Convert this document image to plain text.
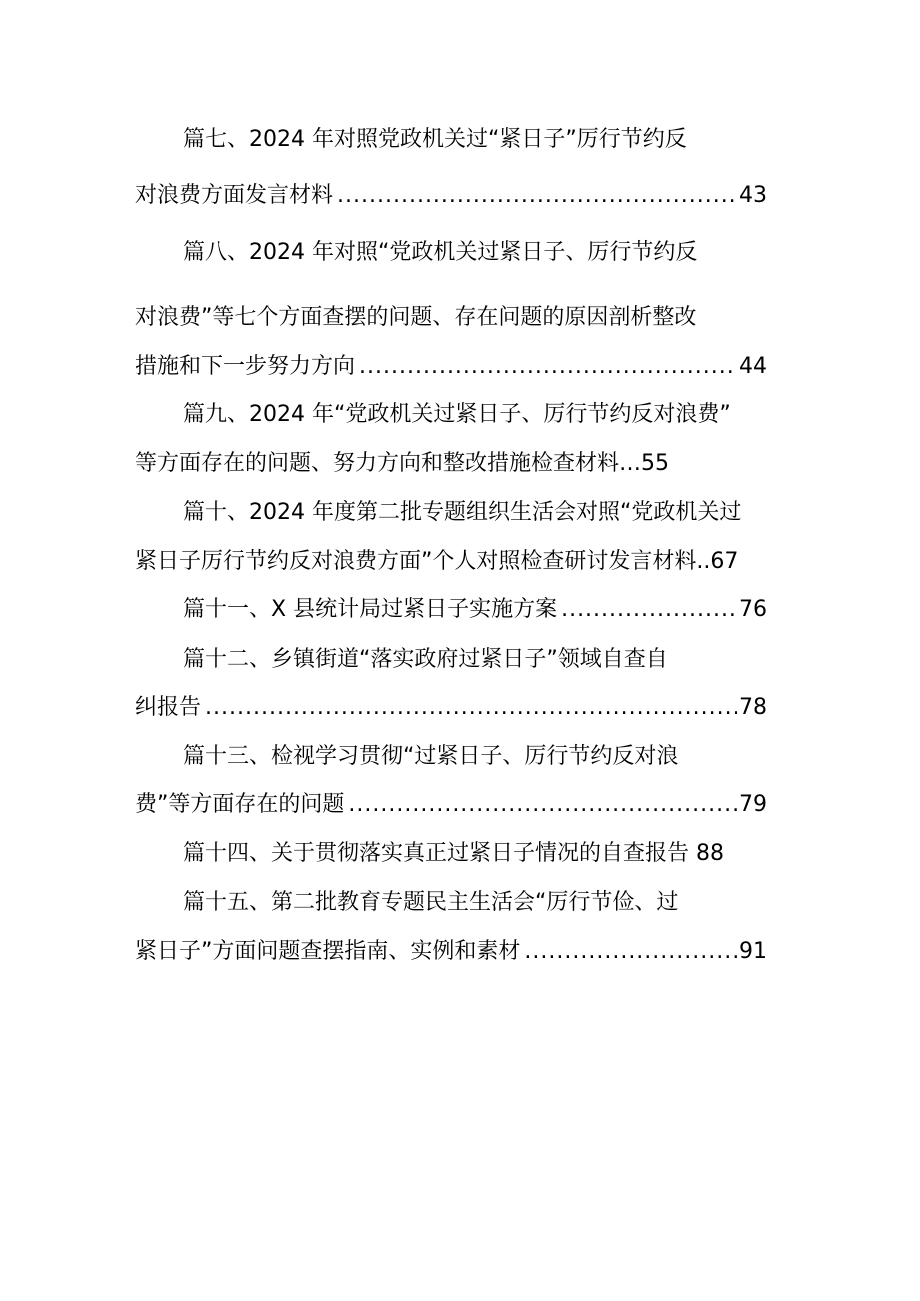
篇七、2024 年对照党政机关过“紧日子”厉行节约反
对浪费方面发言材料 .....	43
篇八、2024 年对照“党政机关过紧日子、厉行节约反
对浪费”等七个方面查摆的问题、存在问题的原因剖析整改
措施和下一步努力方向 .....	44
篇九、2024 年“党政机关过紧日子、厉行节约反对浪费”
等方面存在的问题、努力方向和整改措施检查材料…55
篇十、2024 年度第二批专题组织生活会对照“党政机关过
紧日子厉行节约反对浪费方面”个人对照检查研讨发言材料..67
篇十一、X 县统计局过紧日子实施方案 .....	76
篇十二、乡镇街道“落实政府过紧日子”领域自查自
纠报告 .....	78
篇十三、检视学习贯彻“过紧日子、厉行节约反对浪
费”等方面存在的问题 .....	79
篇十四、关于贯彻落实真正过紧日子情况的自查报告 88
篇十五、第二批教育专题民主生活会“厉行节俭、过
紧日子”方面问题查摆指南、实例和素材 .....	91
